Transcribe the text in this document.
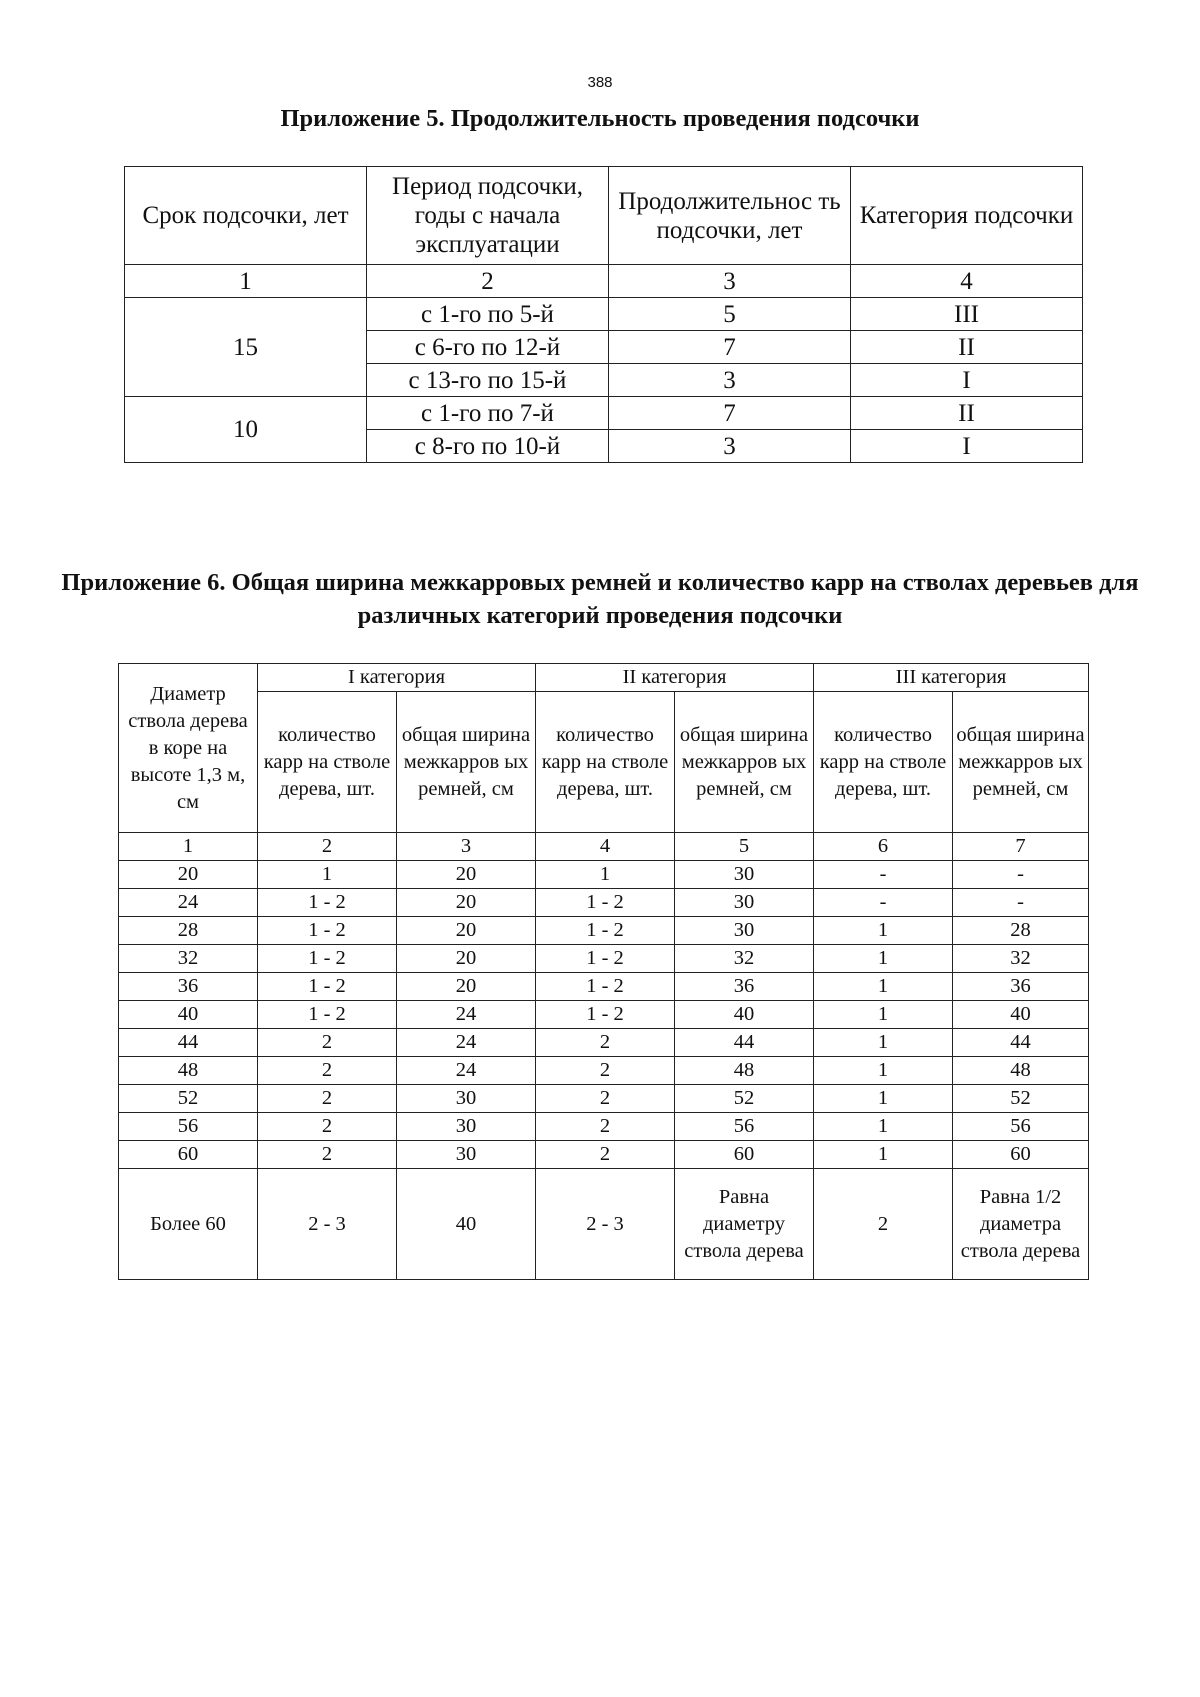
388
Приложение 5. Продолжительность проведения подсочки
Срок подсочки, лет	Период подсочки, годы с начала эксплуатации	Продолжительнос ть подсочки, лет	Категория подсочки
1	2	3	4
15	с 1-го по 5-й	5	III
	с 6-го по 12-й	7	II
	с 13-го по 15-й	3	I
10	с 1-го по 7-й	7	II
	с 8-го по 10-й	3	I
Приложение 6. Общая ширина межкарровых ремней и количество карр на стволах деревьев для различных категорий проведения подсочки
Диаметр ствола дерева в коре на высоте 1,3 м, см	I категория		II категория		III категория	
	количество карр на стволе дерева, шт.	общая ширина межкарров ых ремней, см	количество карр на стволе дерева, шт.	общая ширина межкарров ых ремней, см	количество карр на стволе дерева, шт.	общая ширина межкарров ых ремней, см
1	2	3	4	5	6	7
20	1	20	1	30	-	-
24	1 - 2	20	1 - 2	30	-	-
28	1 - 2	20	1 - 2	30	1	28
32	1 - 2	20	1 - 2	32	1	32
36	1 - 2	20	1 - 2	36	1	36
40	1 - 2	24	1 - 2	40	1	40
44	2	24	2	44	1	44
48	2	24	2	48	1	48
52	2	30	2	52	1	52
56	2	30	2	56	1	56
60	2	30	2	60	1	60
Более 60	2 - 3	40	2 - 3	Равна диаметру ствола дерева	2	Равна 1/2 диаметра ствола дерева
